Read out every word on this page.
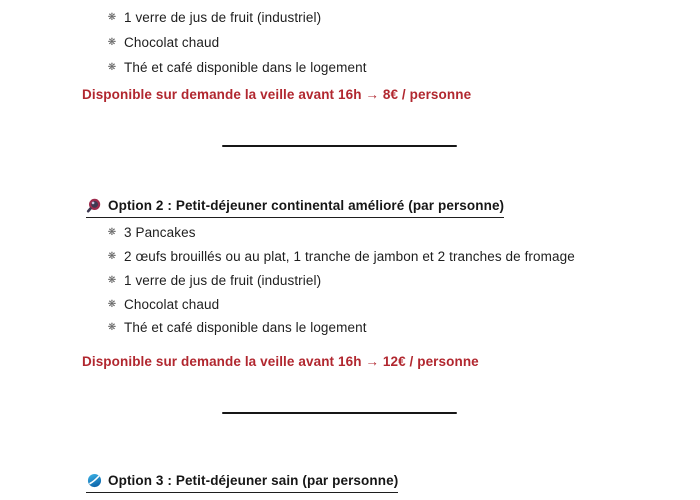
❋ 1 verre de jus de fruit (industriel)
❋ Chocolat chaud
❋ Thé et café disponible dans le logement

Disponible sur demande la veille avant 16h → 8€ / personne

Option 2 : Petit-déjeuner continental amélioré (par personne)
❋ 3 Pancakes
❋ 2 œufs brouillés ou au plat, 1 tranche de jambon et 2 tranches de fromage
❋ 1 verre de jus de fruit (industriel)
❋ Chocolat chaud
❋ Thé et café disponible dans le logement

Disponible sur demande la veille avant 16h → 12€ / personne

Option 3 : Petit-déjeuner sain (par personne)
